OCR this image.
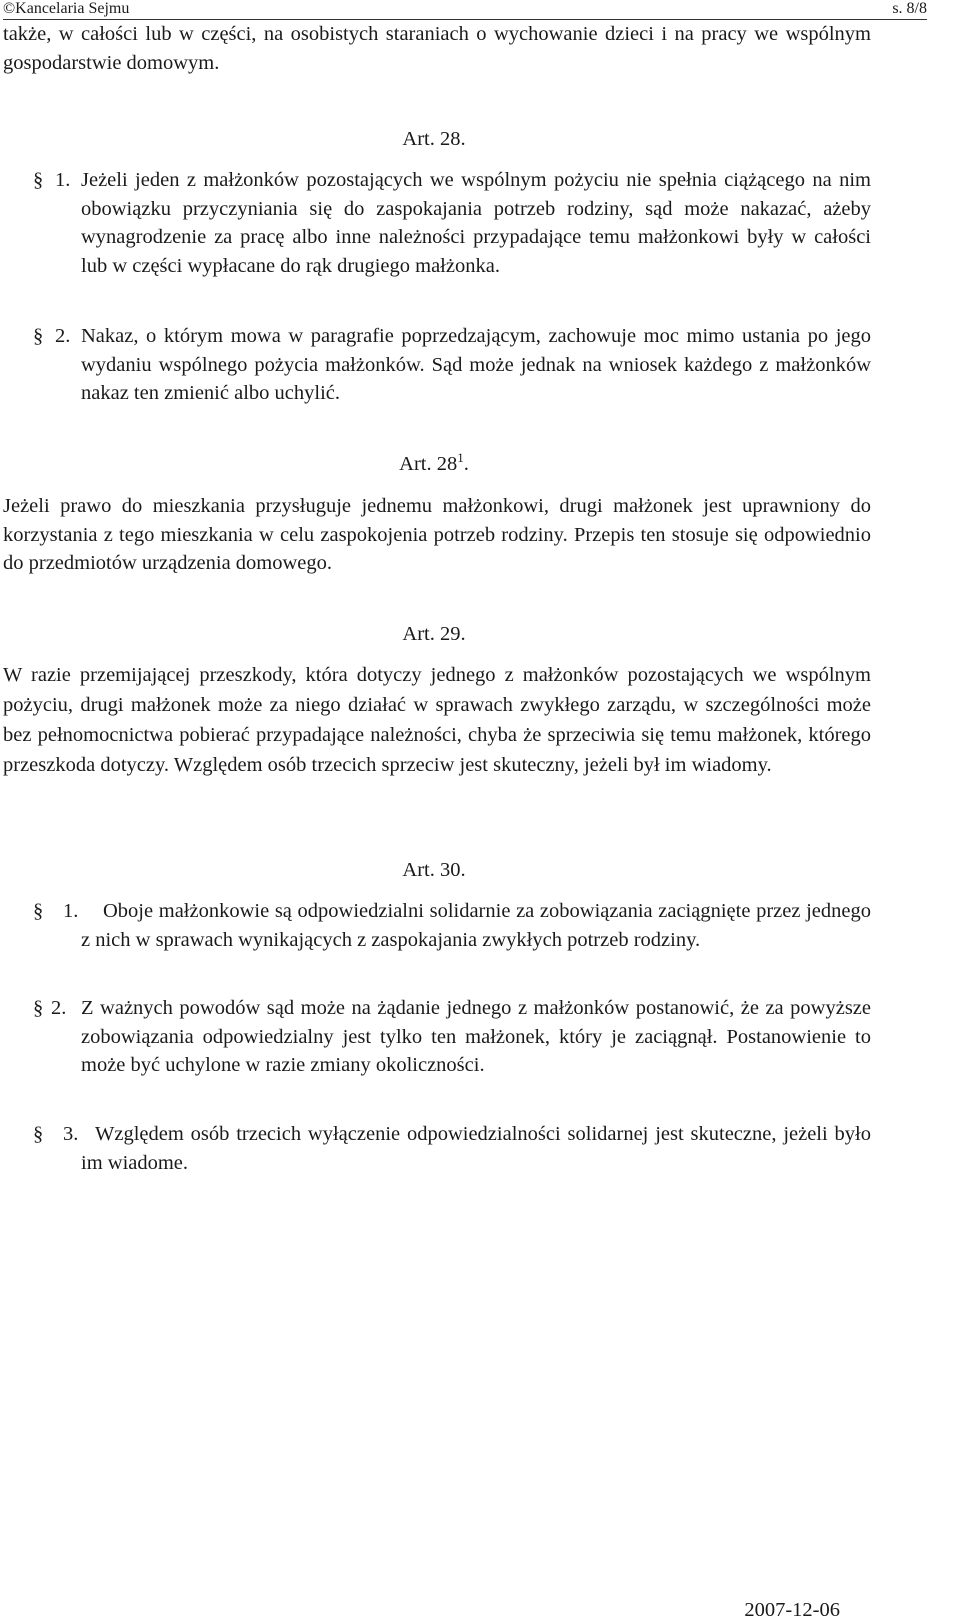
©Kancelaria Sejmu	s. 8/8
także, w całości lub w części, na osobistych staraniach o wychowanie dzieci i na pracy we wspólnym gospodarstwie domowym.
Art. 28.
§ 1. Jeżeli jeden z małżonków pozostających we wspólnym pożyciu nie spełnia ciążącego na nim obowiązku przyczyniania się do zaspokajania potrzeb rodziny, sąd może nakazać, ażeby wynagrodzenie za pracę albo inne należności przypadające temu małżonkowi były w całości lub w części wypłacane do rąk drugiego małżonka.
§ 2. Nakaz, o którym mowa w paragrafie poprzedzającym, zachowuje moc mimo ustania po jego wydaniu wspólnego pożycia małżonków. Sąd może jednak na wniosek każdego z małżonków nakaz ten zmienić albo uchylić.
Art. $28^1$.
Jeżeli prawo do mieszkania przysługuje jednemu małżonkowi, drugi małżonek jest uprawniony do korzystania z tego mieszkania w celu zaspokojenia potrzeb rodziny. Przepis ten stosuje się odpowiednio do przedmiotów urządzenia domowego.
Art. 29.
W razie przemijającej przeszkody, która dotyczy jednego z małżonków pozostających we wspólnym pożyciu, drugi małżonek może za niego działać w sprawach zwykłego zarządu, w szczególności może bez pełnomocnictwa pobierać przypadające należności, chyba że sprzeciwia się temu małżonek, którego przeszkoda dotyczy. Względem osób trzecich sprzeciw jest skuteczny, jeżeli był im wiadomy.
Art. 30.
§ 1.	Oboje małżonkowie są odpowiedzialni solidarnie za zobowiązania zaciągnięte przez jednego z nich w sprawach wynikających z zaspokajania zwykłych potrzeb rodziny.
§ 2. Z ważnych powodów sąd może na żądanie jednego z małżonków postanowić, że za powyższe zobowiązania odpowiedzialny jest tylko ten małżonek, który je zaciągnął. Postanowienie to może być uchylone w razie zmiany okoliczności.
§ 3. Względem osób trzecich wyłączenie odpowiedzialności solidarnej jest skuteczne, jeżeli było im wiadome.
2007-12-06
